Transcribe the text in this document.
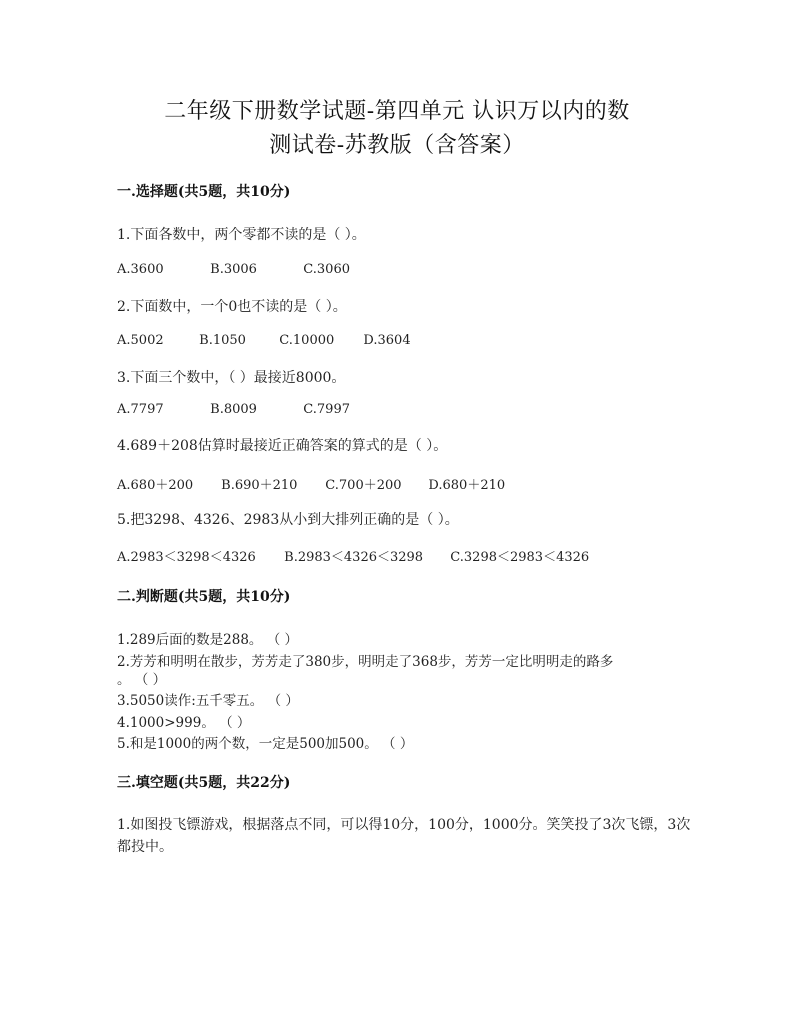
二年级下册数学试题-第四单元 认识万以内的数
测试卷-苏教版（含答案）
一.选择题(共5题，共10分)
1.下面各数中，两个零都不读的是（ ）。
A.3600	B.3006	C.3060
2.下面数中，一个0也不读的是（ ）。
A.5002	B.1050	C.10000 D.3604
3.下面三个数中，（ ）最接近8000。
A.7797	B.8009	C.7997
4.689＋208估算时最接近正确答案的算式的是（ ）。
A.680＋200 B.690＋210 C.700＋200 D.680＋210
5.把3298、4326、2983从小到大排列正确的是（ ）。
A.2983＜3298＜4326 B.2983＜4326＜3298 C.3298＜2983＜4326
二.判断题(共5题，共10分)
1.289后面的数是288。 （ ）
2.芳芳和明明在散步，芳芳走了380步，明明走了368步，芳芳一定比明明走的路多
。 （ ）
3.5050读作:五千零五。 （ ）
4.1000>999。 （ ）
5.和是1000的两个数，一定是500加500。 （ ）
三.填空题(共5题，共22分)
1.如图投飞镖游戏，根据落点不同，可以得10分，100分，1000分。笑笑投了3次飞镖，3次都投中。
